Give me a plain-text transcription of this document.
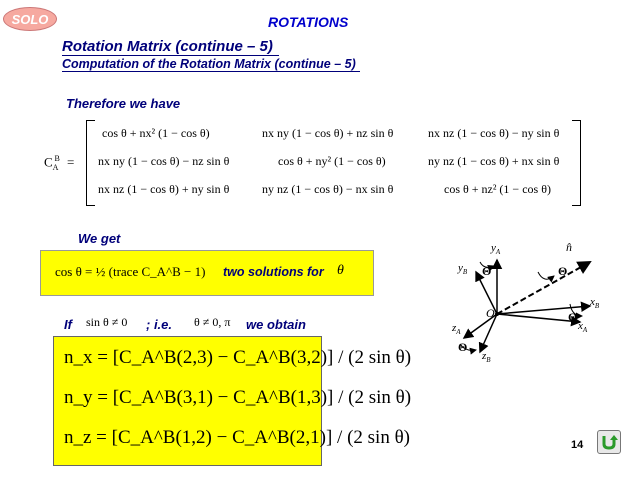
SOLO	ROTATIONS
Rotation Matrix (continue – 5)
Computation of the Rotation Matrix (continue – 5)
Therefore we have
$C_A^B$ =
cos θ + nx² (1 − cos θ)	nx ny (1 − cos θ) + nz sin θ	nx nz (1 − cos θ) − ny sin θ
nx ny (1 − cos θ) − nz sin θ	cos θ + ny² (1 − cos θ)	ny nz (1 − cos θ) + nx sin θ
nx nz (1 − cos θ) + ny sin θ	ny nz (1 − cos θ) − nx sin θ	cos θ + nz² (1 − cos θ)
We get
cos θ = ½ (trace C_A^B − 1) two solutions for θ
If sin θ ≠ 0 ; i.e. θ ≠ 0, π we obtain
n_x = [C_A^B(2,3) − C_A^B(3,2)] / (2 sin θ)
n_y = [C_A^B(3,1) − C_A^B(1,3)] / (2 sin θ)
n_z = [C_A^B(1,2) − C_A^B(2,1)] / (2 sin θ)
O
$y_A$
$y_B$ Θ
n̂
Θ
$x_B$
Θ
$x_A$
$z_A$
Θ
$z_B$
14
